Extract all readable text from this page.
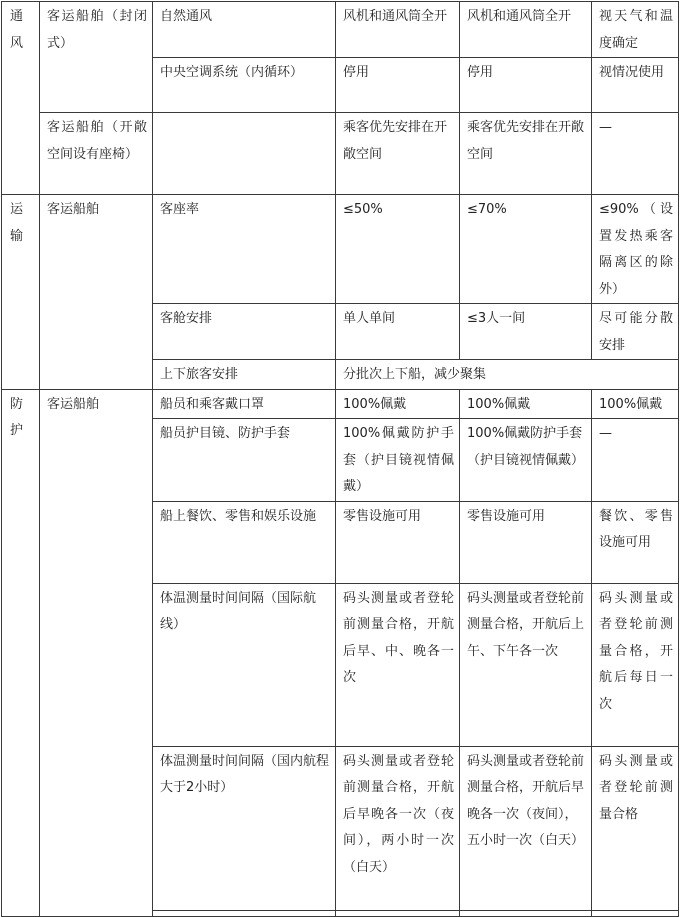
通风	客运船舶（封闭式）	自然通风	风机和通风筒全开	风机和通风筒全开	视天气和温度确定
		中央空调系统（内循环）	停用	停用	视情况使用
	客运船舶（开敞空间设有座椅）		乘客优先安排在开敞空间	乘客优先安排在开敞空间	—
运输	客运船舶	客座率	≤50%	≤70%	≤90%（设置发热乘客隔离区的除外）
		客舱安排	单人单间	≤3人一间	尽可能分散安排
		上下旅客安排	分批次上下船，减少聚集		
防护	客运船舶	船员和乘客戴口罩	100%佩戴	100%佩戴	100%佩戴
		船员护目镜、防护手套	100%佩戴防护手套（护目镜视情佩戴）	100%佩戴防护手套（护目镜视情佩戴）	—
		船上餐饮、零售和娱乐设施	零售设施可用	零售设施可用	餐饮、零售设施可用
		体温测量时间间隔（国际航线）	码头测量或者登轮前测量合格，开航后早、中、晚各一次	码头测量或者登轮前测量合格，开航后上午、下午各一次	码头测量或者登轮前测量合格，开航后每日一次
		体温测量时间间隔（国内航程大于2小时）	码头测量或者登轮前测量合格，开航后早晚各一次（夜间），两小时一次（白天）	码头测量或者登轮前测量合格，开航后早晚各一次（夜间），五小时一次（白天）	码头测量或者登轮前测量合格
